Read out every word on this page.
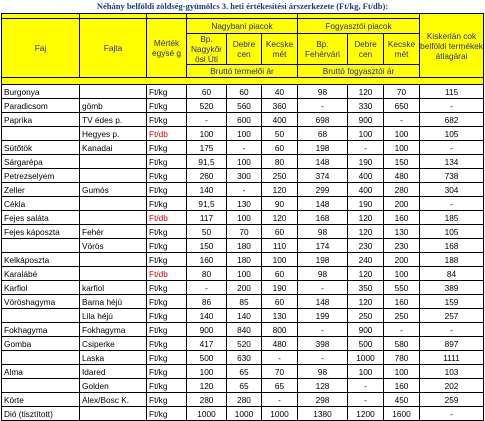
Néhány belföldi zöldség-gyümölcs 3. heti értékesítési árszerkezete (Ft/kg, Ft/db):
									Kiskerlán cok belföldi termékek átlagárai
Faj	Fajta	Mérték egysé g	Nagybani piacok			Fogyasztói piacok			
			Bp. Nagykőr ösi Úti	Debre cen	Kecske mét	Bp. Fehérvári	Debre cen	Kecske mét	
			Bruttó termelői ár			Bruttó fogyasztói ár			

Burgonya		Ft/kg	60	60	40	98	120	70	115
Paradicsom	gömb	Ft/kg	520	560	360	-	330	650	-
Paprika	TV édes p.	Ft/kg	-	600	400	698	900	-	682
	Hegyes p.	Ft/db	100	100	50	68	100	100	105
Sütőtök	Kanadai	Ft/kg	175	-	60	198	-	100	-
Sárgarépa		Ft/kg	91,5	100	80	148	190	150	134
Petrezselyem		Ft/kg	260	300	250	374	400	480	738
Zeller	Gumós	Ft/kg	140	-	120	299	400	280	304
Cékla		Ft/kg	91,5	130	90	148	190	200	-
Fejes saláta		Ft/db	117	100	120	168	120	160	185
Fejes káposzta	Fehér	Ft/kg	50	70	60	98	120	130	105
	Vörös	Ft/kg	150	180	110	174	230	230	168
Kelkáposzta		Ft/kg	160	180	100	198	240	200	188
Karalábé		Ft/db	80	100	60	98	120	100	84
Karfiol	karfiol	Ft/kg	-	200	190	-	350	550	389
Vöröshagyma	Barna héjú	Ft/kg	86	85	60	148	120	160	159
	Lila héjú	Ft/kg	140	140	130	199	250	250	257
Fokhagyma	Fokhagyma	Ft/kg	900	840	800	-	900	-	-
Gomba	Csiperke	Ft/kg	417	520	480	398	500	580	897
	Laska	Ft/kg	500	630	-	-	1000	780	1111
Alma	Idared	Ft/kg	100	65	70	98	100	100	103
	Golden	Ft/kg	120	65	65	128	-	160	202
Körte	Alex/Bosc K.	Ft/kg	280	280	-	298	-	450	259
Dió (tisztított)		Ft/kg	1000	1000	1000	1380	1200	1600	-
